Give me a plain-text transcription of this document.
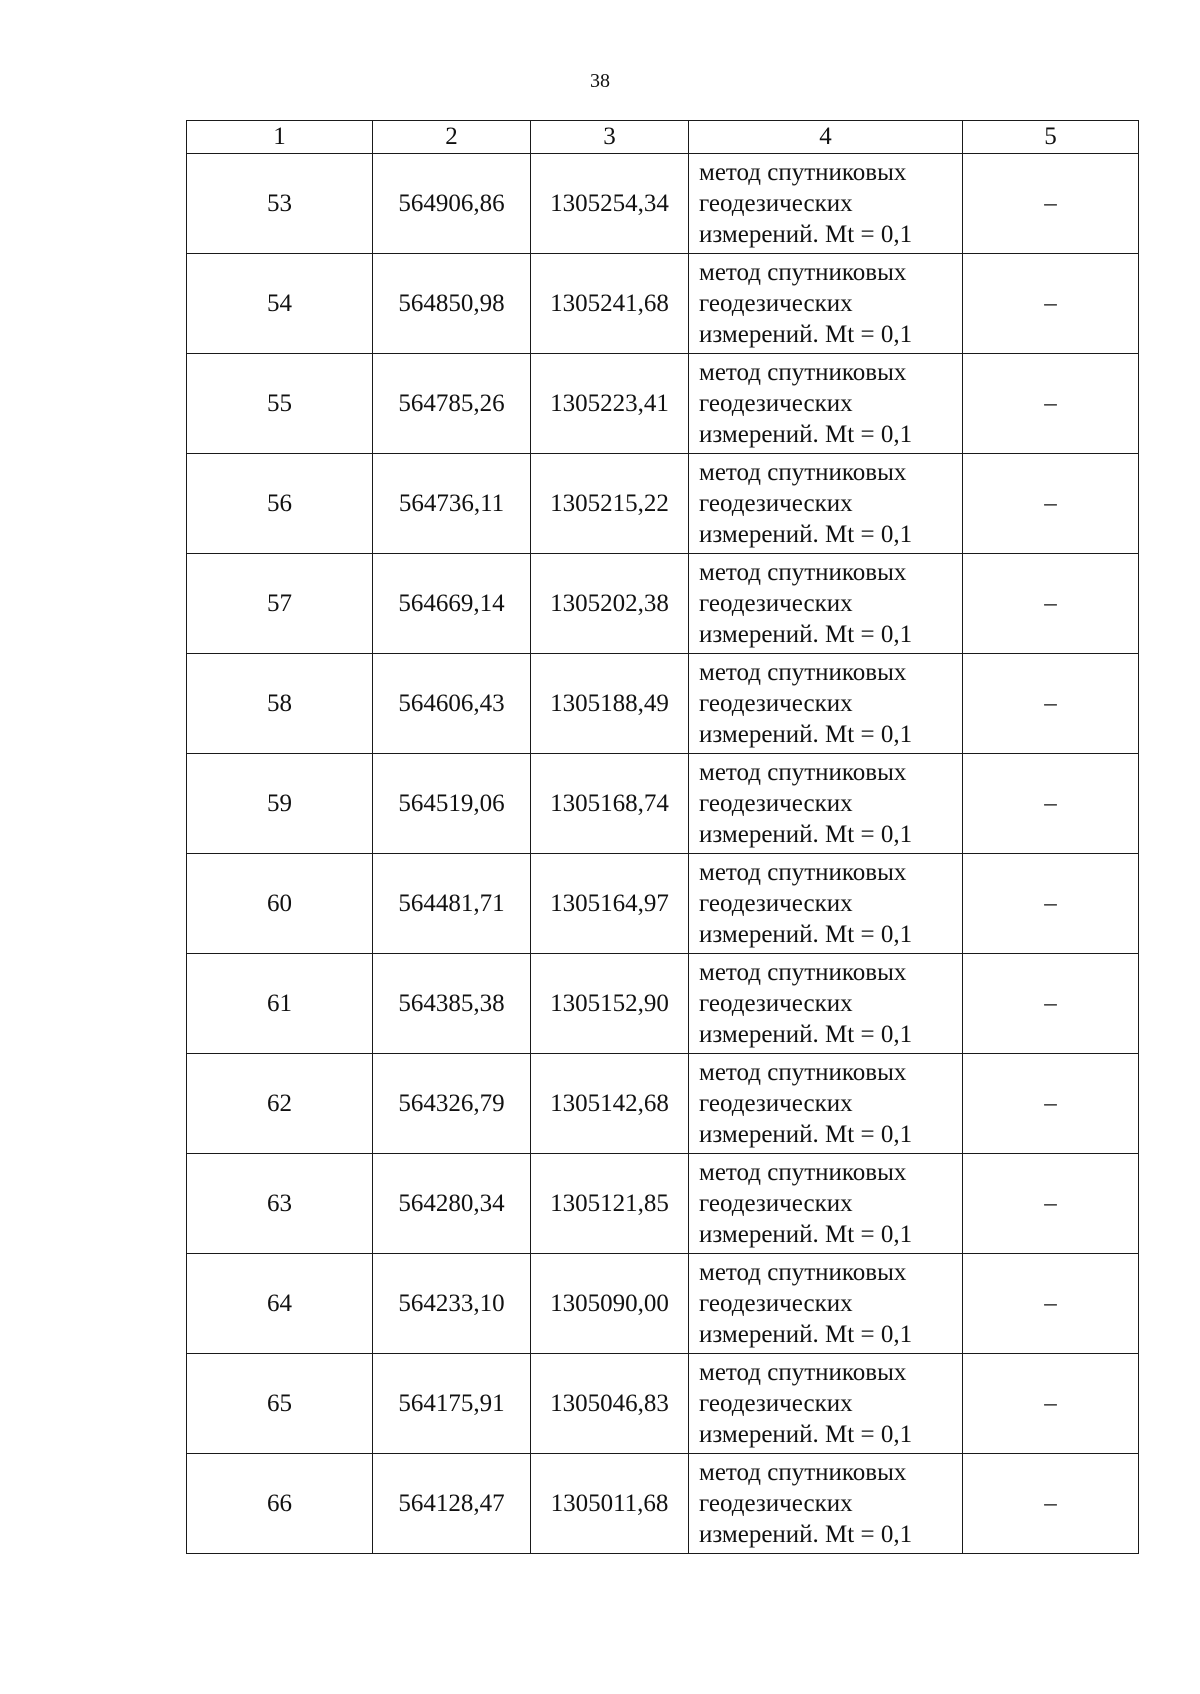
38
1	2	3	4	5
53	564906,86	1305254,34	метод спутниковых
геодезических
измерений. Mt = 0,1	–
54	564850,98	1305241,68	метод спутниковых
геодезических
измерений. Mt = 0,1	–
55	564785,26	1305223,41	метод спутниковых
геодезических
измерений. Mt = 0,1	–
56	564736,11	1305215,22	метод спутниковых
геодезических
измерений. Mt = 0,1	–
57	564669,14	1305202,38	метод спутниковых
геодезических
измерений. Mt = 0,1	–
58	564606,43	1305188,49	метод спутниковых
геодезических
измерений. Mt = 0,1	–
59	564519,06	1305168,74	метод спутниковых
геодезических
измерений. Mt = 0,1	–
60	564481,71	1305164,97	метод спутниковых
геодезических
измерений. Mt = 0,1	–
61	564385,38	1305152,90	метод спутниковых
геодезических
измерений. Mt = 0,1	–
62	564326,79	1305142,68	метод спутниковых
геодезических
измерений. Mt = 0,1	–
63	564280,34	1305121,85	метод спутниковых
геодезических
измерений. Mt = 0,1	–
64	564233,10	1305090,00	метод спутниковых
геодезических
измерений. Mt = 0,1	–
65	564175,91	1305046,83	метод спутниковых
геодезических
измерений. Mt = 0,1	–
66	564128,47	1305011,68	метод спутниковых
геодезических
измерений. Mt = 0,1	–
